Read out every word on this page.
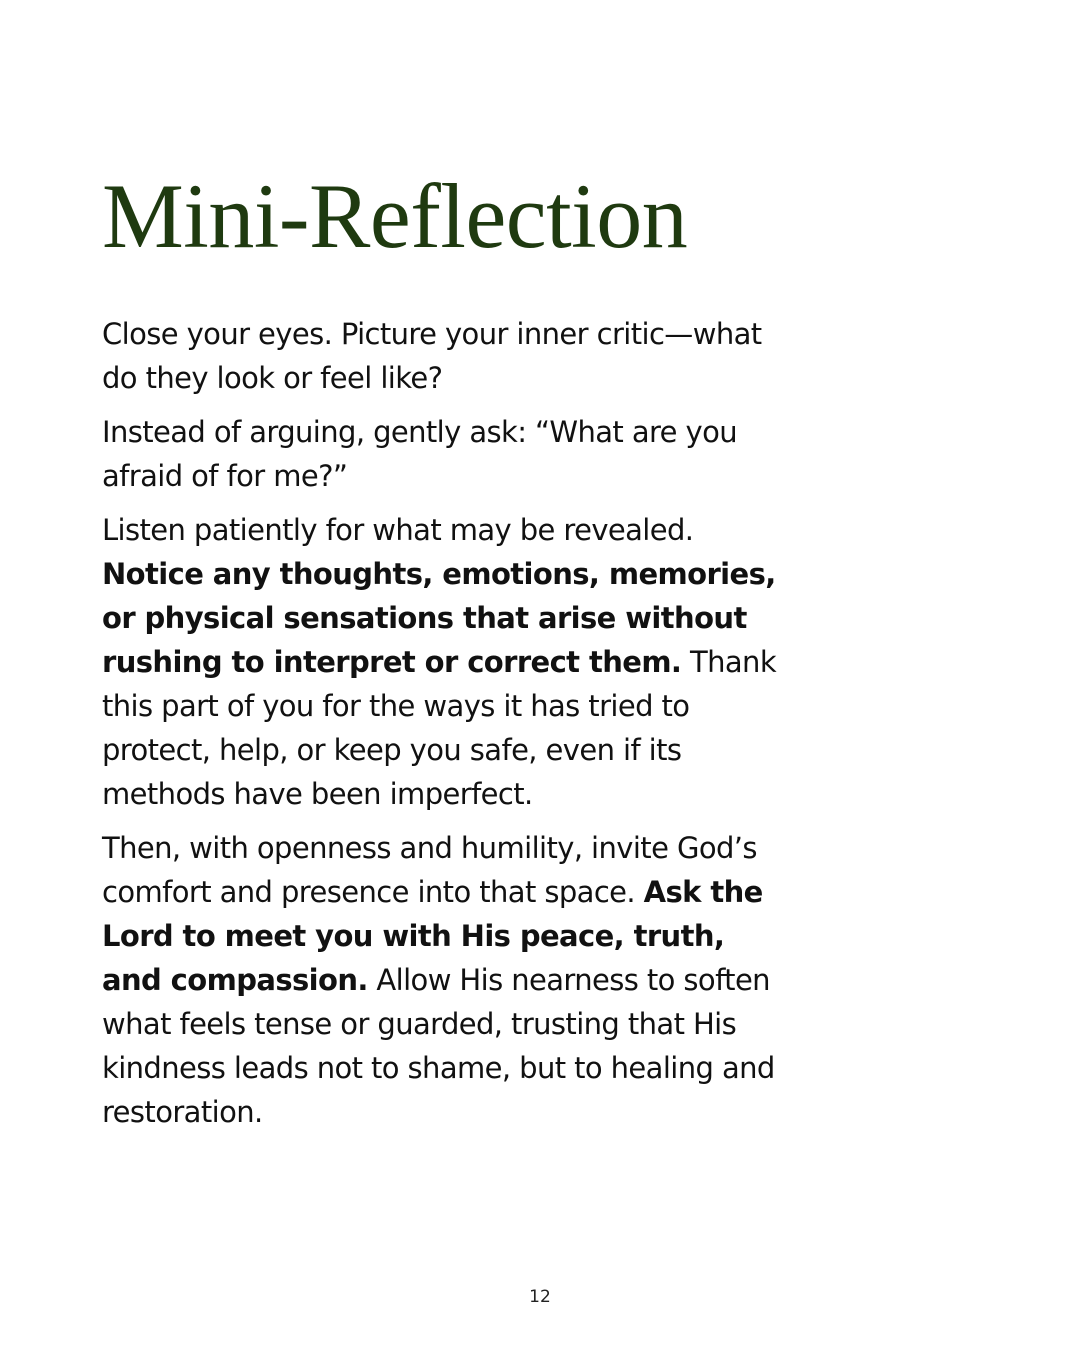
Mini-Reflection

Close your eyes. Picture your inner critic—what do they look or feel like?

Instead of arguing, gently ask: “What are you afraid of for me?”

Listen patiently for what may be revealed. Notice any thoughts, emotions, memories, or physical sensations that arise without rushing to interpret or correct them. Thank this part of you for the ways it has tried to protect, help, or keep you safe, even if its methods have been imperfect.

Then, with openness and humility, invite God’s comfort and presence into that space. Ask the Lord to meet you with His peace, truth, and compassion. Allow His nearness to soften what feels tense or guarded, trusting that His kindness leads not to shame, but to healing and restoration.

12
